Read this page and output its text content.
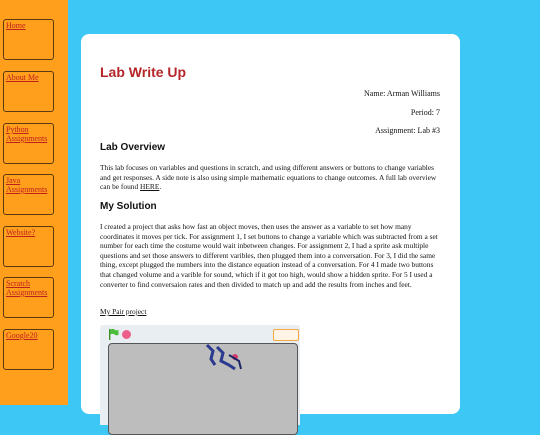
Home
About Me
Python Assignments
Java Assignments
Website?
Scratch Assignments
Google20
Lab Write Up
Name: Arman Williams
Period: 7
Assignment: Lab #3
Lab Overview

This lab focuses on variables and questions in scratch, and using different answers or buttons to change variables and get responses. A side note is also using simple mathematic equations to change outcomes. A full lab overview can be found HERE.

My Solution

I created a project that asks how fast an object moves, then uses the answer as a variable to set how many coordinates it moves per tick. For assignment 1, I set buttons to change a variable which was subtracted from a set number for each time the costume would wait inbetween changes. For assignment 2, I had a sprite ask multiple questions and set those answers to different varibles, then plugged them into a conversation. For 3, I did the same thing, except plugged the numbers into the distance equation instead of a conversation. For 4 I made two buttons that changed volume and a varible for sound, which if it got too high, would show a hidden sprite. For 5 I used a converter to find conversaion rates and then divided to match up and add the results from inches and feet.

My Pair project
